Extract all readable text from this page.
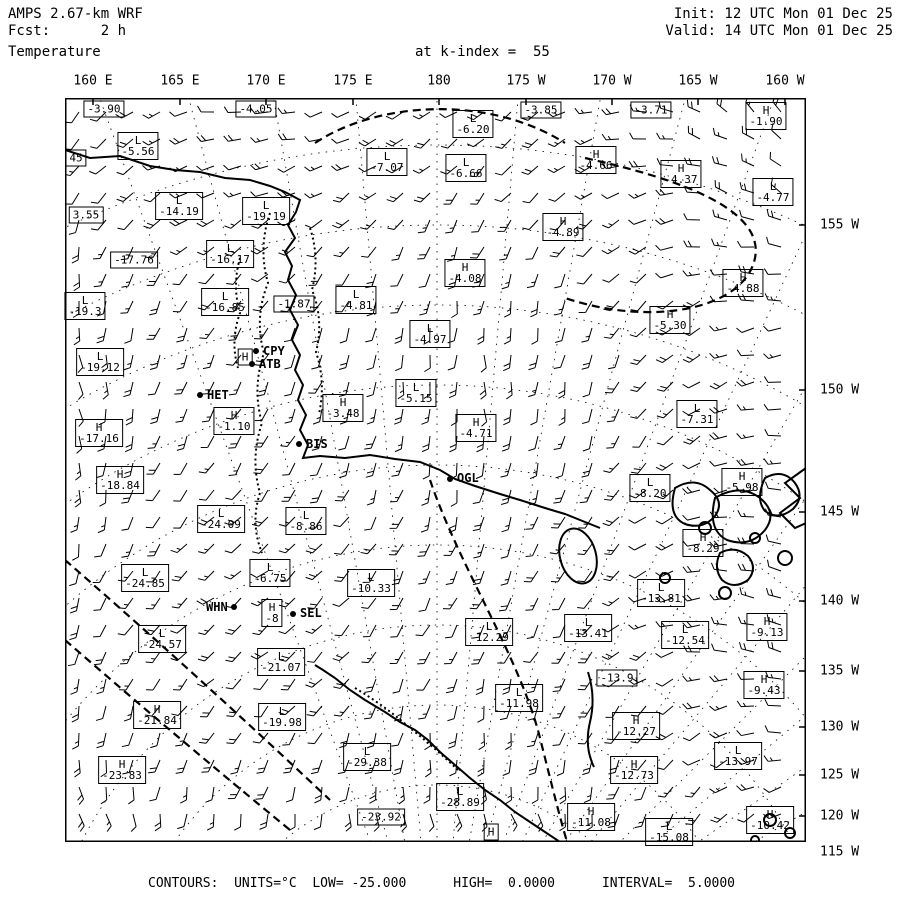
AMPS 2.67-km WRF
Fcst:      2 h
Temperature	at k-index =  55
Init: 12 UTC Mon 01 Dec 25
Valid: 14 UTC Mon 01 Dec 25
160 E	165 E	170 E	175 E	180	175 W	170 W	165 W	160 W
155 W
150 W
145 W
140 W
135 W
130 W
125 W
120 W
115 W
-3.90	-4.05
L
-5.56
45
3.55
L
-14.19	L
-19.19
-17.76
L
-16.17
L
-6.20
-3.85
L
-7.07	L
-6.66
H
-4.89
H
-4.08
-3.71	H
-1.90
H
-4.66	H
-4.37
L
-4.77
H
-4.88
L
-19.3
L
-16.85	-1.87
L
-4.81
L
-19.12
H
L
-4.97
H
-3.48
L
-5.15
H
-4.71
H
-17.16
H
-1.10
H
-5.30
L
-7.31
H
-18.84
L
-24.09
L
-8.86
L
-24.85
L
-6.75
H
-8
L
-21.07
L
-24.57
L
-19.98
H
-21.84
H
-23.83
L
-10.33
L
-12.29
L
-13.41
L
-13.81
L
-12.54
H
-8.29
L
-8.20
H
-5.98
H
-9.13
-13.9
L
-11.98
L
-29.38
L
-28.89
-23.92
H
-12.27
H
-12.73
L
-13.97
H
-9.43
H
-11.08	L
-15.08
H
H
-10.42
CPY
ATB
HET
BIS
OGL
WHN	SEL
CONTOURS:  UNITS=°C  LOW= -25.000      HIGH=  0.0000      INTERVAL=  5.0000
